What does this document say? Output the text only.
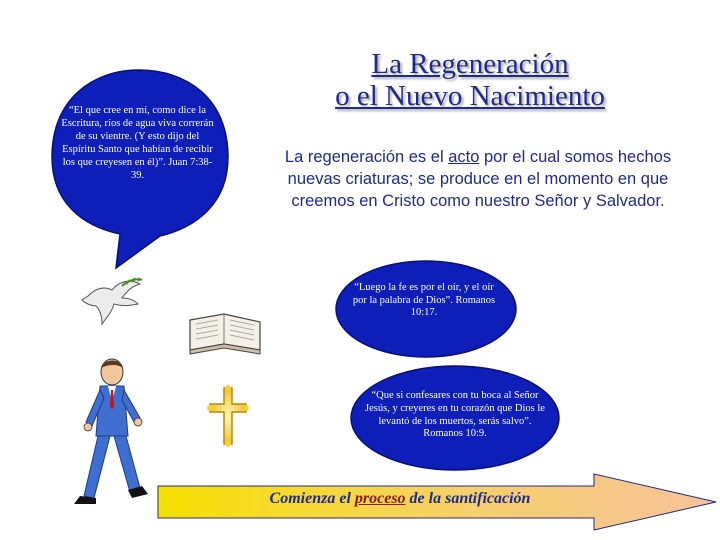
La Regeneración
o el Nuevo Nacimiento
La regeneración es el acto por el cual somos hechos nuevas criaturas; se produce en el momento en que creemos en Cristo como nuestro Señor y Salvador.
“El que cree en mí, como dice la Escritura, ríos de agua viva correrán de su vientre. (Y esto dijo del Espíritu Santo que habían de recibir los que creyesen en él)”. Juan 7:38-39.
“Luego la fe es por el oír, y el oír por la palabra de Dios”. Romanos 10:17.
“Que si confesares con tu boca al Señor Jesús, y creyeres en tu corazón que Dios le levantó de los muertos, serás salvo”. Romanos 10:9.
Comienza el proceso de la santificación
